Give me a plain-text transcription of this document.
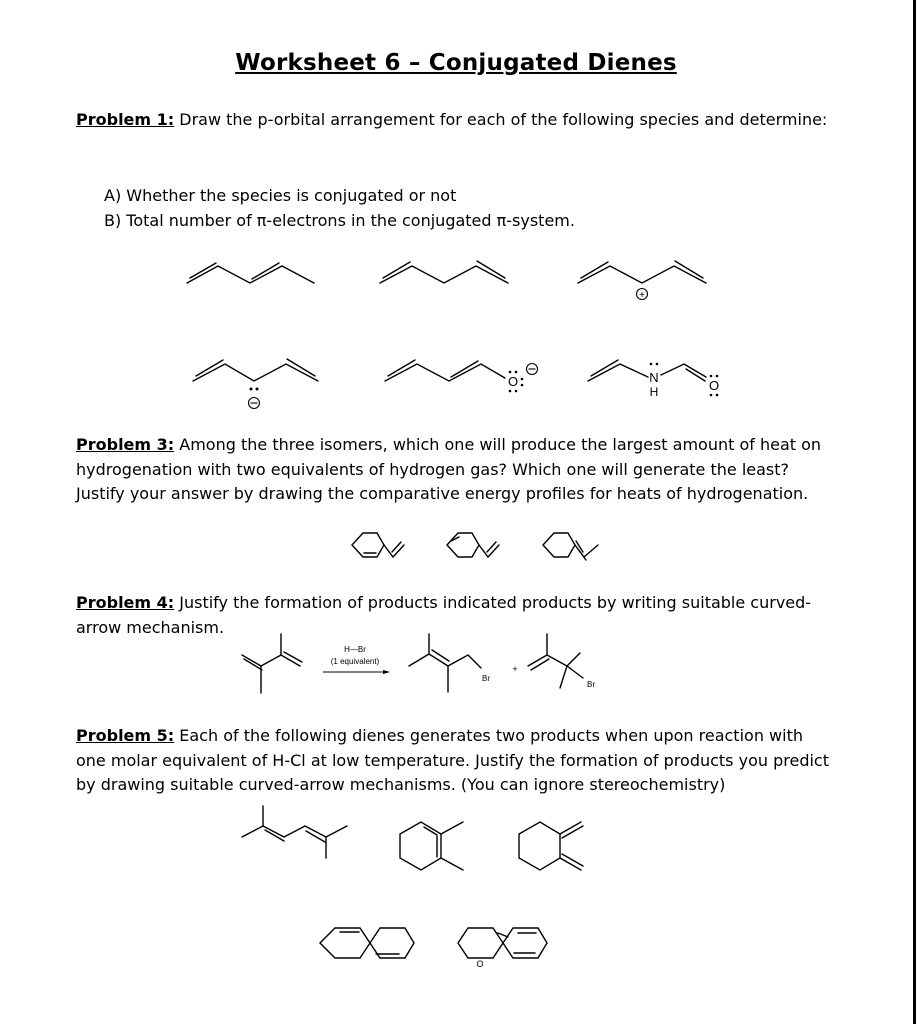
Worksheet 6 – Conjugated Dienes
Problem 1: Draw the p-orbital arrangement for each of the following species and determine:
A) Whether the species is conjugated or not
B) Total number of π-electrons in the conjugated π-system.
Problem 3: Among the three isomers, which one will produce the largest amount of heat on hydrogenation with two equivalents of hydrogen gas? Which one will generate the least? Justify your answer by drawing the comparative energy profiles for heats of hydrogenation.
Problem 4: Justify the formation of products indicated products by writing suitable curved-arrow mechanism.
Problem 5: Each of the following dienes generates two products when upon reaction with one molar equivalent of H-Cl at low temperature. Justify the formation of products you predict by drawing suitable curved-arrow mechanisms. (You can ignore stereochemistry)
+
O	N
H	O
H—Br
(1 equivalent)
Br
+
Br
O
